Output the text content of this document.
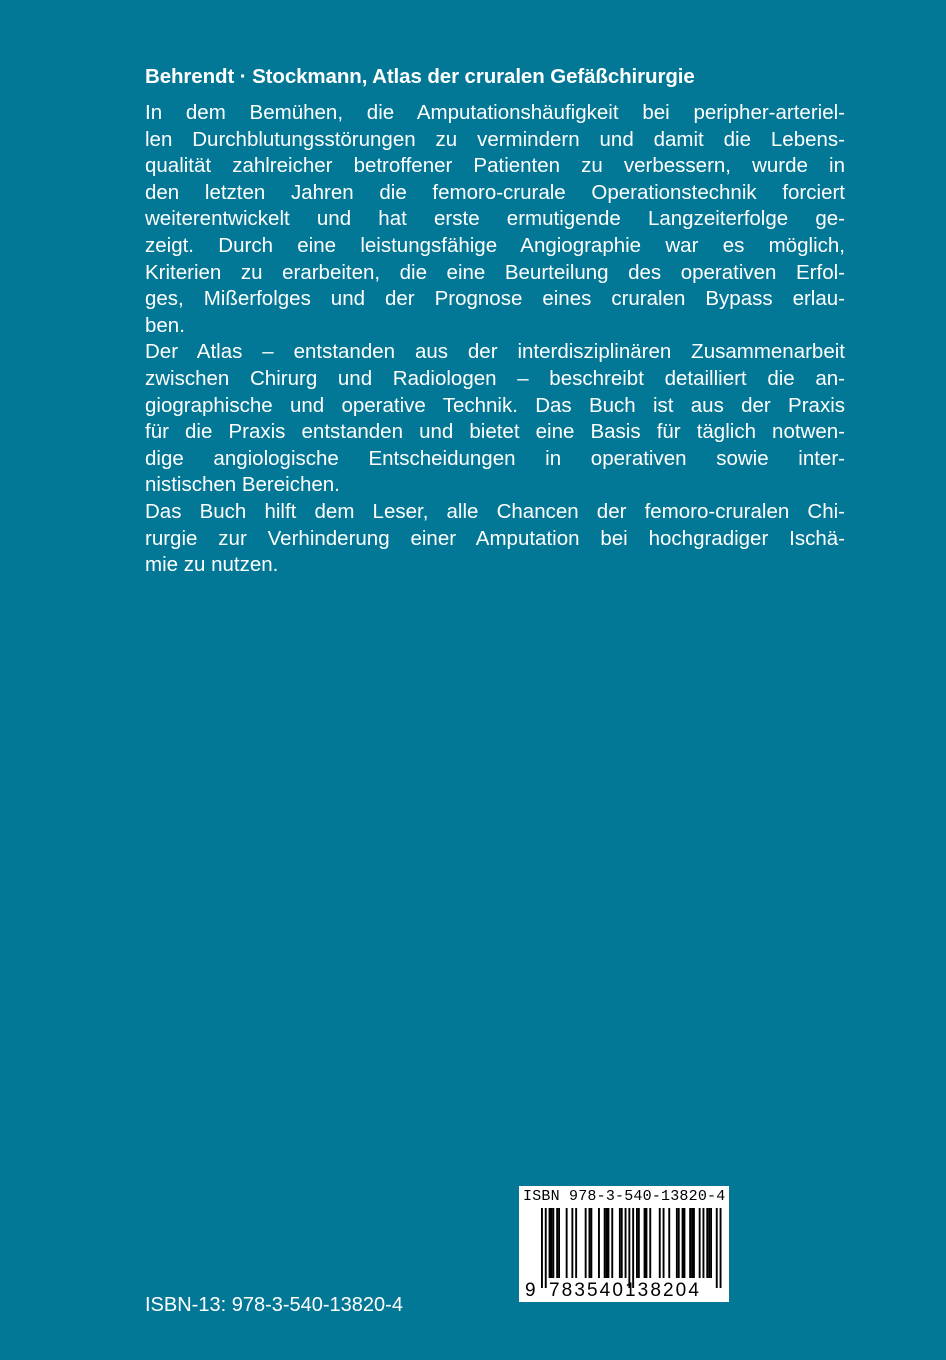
Behrendt · Stockmann, Atlas der cruralen Gefäßchirurgie
In dem Bemühen, die Amputationshäufigkeit bei peripher-arteriel-
len Durchblutungsstörungen zu vermindern und damit die Lebens-
qualität zahlreicher betroffener Patienten zu verbessern, wurde in
den letzten Jahren die femoro-crurale Operationstechnik forciert
weiterentwickelt und hat erste ermutigende Langzeiterfolge ge-
zeigt. Durch eine leistungsfähige Angiographie war es möglich,
Kriterien zu erarbeiten, die eine Beurteilung des operativen Erfol-
ges, Mißerfolges und der Prognose eines cruralen Bypass erlau-
ben.
Der Atlas – entstanden aus der interdisziplinären Zusammenarbeit
zwischen Chirurg und Radiologen – beschreibt detailliert die an-
giographische und operative Technik. Das Buch ist aus der Praxis
für die Praxis entstanden und bietet eine Basis für täglich notwen-
dige angiologische Entscheidungen in operativen sowie inter-
nistischen Bereichen.
Das Buch hilft dem Leser, alle Chancen der femoro-cruralen Chi-
rurgie zur Verhinderung einer Amputation bei hochgradiger Ischä-
mie zu nutzen.
ISBN 978-3-540-13820-4
9 783540138204
ISBN-13: 978-3-540-13820-4
